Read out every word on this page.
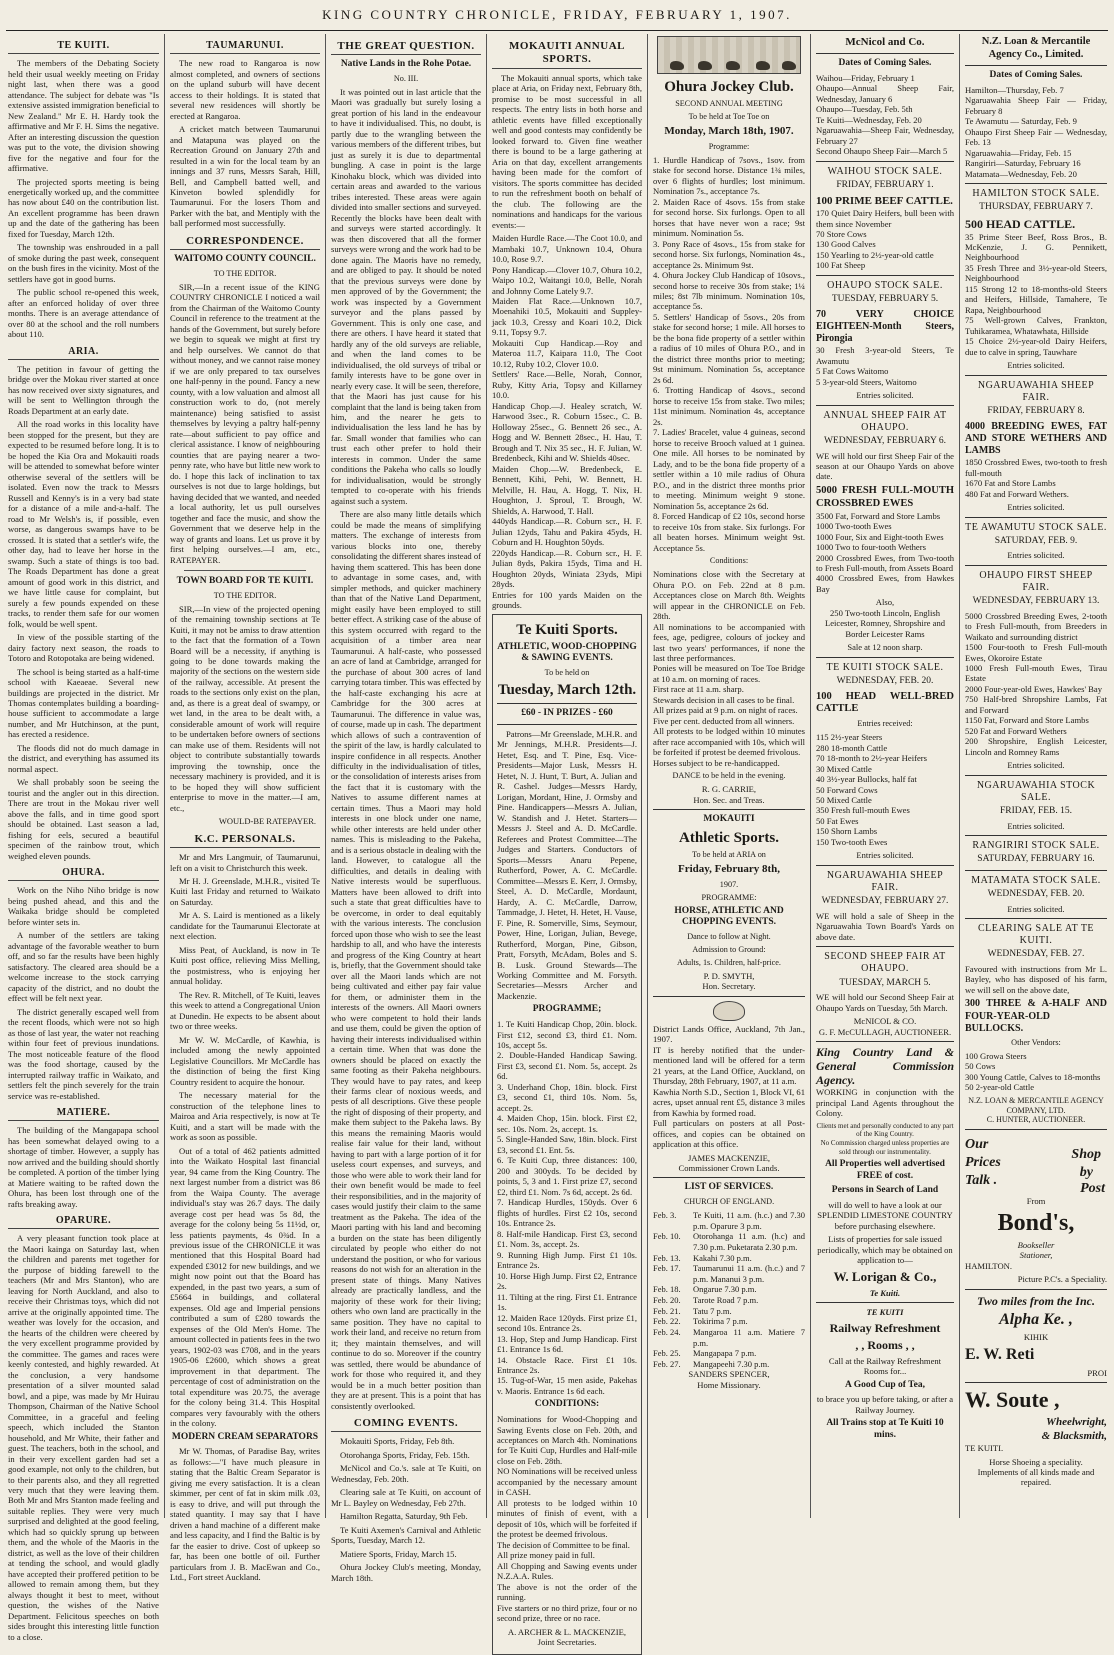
KING COUNTRY CHRONICLE, FRIDAY, FEBRUARY 1, 1907.
TE KUITI.

The members of the Debating Society held their usual weekly meeting on Friday night last, when there was a good attendance. The subject for debate was "Is extensive assisted immigration beneficial to New Zealand." Mr E. H. Hardy took the affirmative and Mr F. H. Sims the negative. After an interesting discussion the question was put to the vote, the division showing five for the negative and four for the affirmative.

The projected sports meeting is being energetically worked up, and the committee has now about £40 on the contribution list. An excellent programme has been drawn up and the date of the gathering has been fixed for Tuesday, March 12th.

The township was enshrouded in a pall of smoke during the past week, consequent on the bush fires in the vicinity. Most of the settlers have got in good burns.

The public school re-opened this week, after an enforced holiday of over three months. There is an average attendance of over 80 at the school and the roll numbers about 110.

ARIA.

The petition in favour of getting the bridge over the Mokau river started at once has now received over sixty signatures, and will be sent to Wellington through the Roads Department at an early date.

All the road works in this locality have been stopped for the present, but they are expected to be resumed before long. It is to be hoped the Kia Ora and Mokauiti roads will be attended to somewhat before winter otherwise several of the settlers will be isolated. Even now the track to Messrs Russell and Kenny's is in a very bad state for a distance of a mile and-a-half. The road to Mr Welsh's is, if possible, even worse, as dangerous swamps have to be crossed. It is stated that a settler's wife, the other day, had to leave her horse in the swamp. Such a state of things is too bad. The Roads Department has done a great amount of good work in this district, and we have little cause for complaint, but surely a few pounds expended on these tracks, to render them safe for our women folk, would be well spent.

In view of the possible starting of the dairy factory next season, the roads to Totoro and Rotopotaka are being widened.

The school is being started as a half-time school with Kaeaeae. Several new buildings are projected in the district. Mr Thomas contemplates building a boarding-house sufficient to accommodate a large number, and Mr Hutchinson, at the punt, has erected a residence.

The floods did not do much damage in the district, and everything has assumed its normal aspect.

We shall probably soon be seeing the tourist and the angler out in this direction. There are trout in the Mokau river well above the falls, and in time good sport should be obtained. Last season a lad, fishing for eels, secured a beautiful specimen of the rainbow trout, which weighed eleven pounds.

OHURA.

Work on the Niho Niho bridge is now being pushed ahead, and this and the Waikaka bridge should be completed before winter sets in.

A number of the settlers are taking advantage of the favorable weather to burn off, and so far the results have been highly satisfactory. The cleared area should be a welcome increase to the stock carrying capacity of the district, and no doubt the effect will be felt next year.

The district generally escaped well from the recent floods, which were not so high as those of last year, the water not reaching within four feet of previous inundations. The most noticeable feature of the flood was the food shortage, caused by the interrupted railway traffic in Waikato, and settlers felt the pinch severely for the train service was re-established.

MATIERE.

The building of the Mangapapa school has been somewhat delayed owing to a shortage of timber. However, a supply has now arrived and the building should shortly be completed. A portion of the timber lying at Matiere waiting to be rafted down the Ohura, has been lost through one of the rafts breaking away.

OPARURE.

A very pleasant function took place at the Maori kainga on Saturday last, when the children and parents met together for the purpose of bidding farewell to the teachers (Mr and Mrs Stanton), who are leaving for North Auckland, and also to receive their Christmas toys, which did not arrive at the originally appointed time. The weather was lovely for the occasion, and the hearts of the children were cheered by the very excellent programme provided by the committee. The games and races were keenly contested, and highly rewarded. At the conclusion, a very handsome presentation of a silver mounted salad bowl, and a pipe, was made by Mr Huirau Thompson, Chairman of the Native School Committee, in a graceful and feeling speech, which included the Stanton household, and Mr White, their father and guest. The teachers, both in the school, and in their very excellent garden had set a good example, not only to the children, but to their parents also, and they all regretted very much that they were leaving them. Both Mr and Mrs Stanton made feeling and suitable replies. They were very much surprised and delighted at the good feeling, which had so quickly sprung up between them, and the whole of the Maoris in the district, as well as the love of their children at tending the school, and would gladly have accepted their proffered petition to be allowed to remain among them, but they always thought it best to meet, without question, the wishes of the Native Department. Felicitous speeches on both sides brought this interesting little function to a close.

TAUMARUNUI.

The new road to Rangaroa is now almost completed, and owners of sections on the upland suburb will have decent access to their holdings. It is stated that several new residences will shortly be erected at Rangaroa.

A cricket match between Taumarunui and Matapuna was played on the Recreation Ground on January 27th and resulted in a win for the local team by an innings and 37 runs, Messrs Sarah, Hill, Bell, and Campbell batted well, and Kinveton bowled splendidly for Taumarunui. For the losers Thom and Parker with the bat, and Mentiply with the ball performed most successfully.

CORRESPONDENCE.
WAITOMO COUNTY COUNCIL.
TO THE EDITOR.

SIR,—In a recent issue of the KING COUNTRY CHRONICLE I noticed a wail from the Chairman of the Waitomo County Council in reference to the treatment at the hands of the Government, but surely before we begin to squeak we might at first try and help ourselves. We cannot do that without money, and we cannot raise money if we are only prepared to tax ourselves one half-penny in the pound. Fancy a new county, with a low valuation and almost all construction work to do, (not merely maintenance) being satisfied to assist themselves by levying a paltry half-penny rate—about sufficient to pay office and clerical assistance. I know of neighbouring counties that are paying nearer a two-penny rate, who have but little new work to do. I hope this lack of inclination to tax ourselves is not due to large holdings, but having decided that we wanted, and needed a local authority, let us pull ourselves together and face the music, and show the Government that we deserve help in the way of grants and loans. Let us prove it by first helping ourselves.—I am, etc., RATEPAYER.

TOWN BOARD FOR TE KUITI.
TO THE EDITOR.

SIR,—In view of the projected opening of the remaining township sections at Te Kuiti, it may not be amiss to draw attention to the fact that the formation of a Town Board will be a necessity, if anything is going to be done towards making the majority of the sections on the western side of the railway, accessible. At present the roads to the sections only exist on the plan, and, as there is a great deal of swampy, or wet land, in the area to be dealt with, a considerable amount of work will require to be undertaken before owners of sections can make use of them. Residents will not object to contribute substantially towards improving the township, once the necessary machinery is provided, and it is to be hoped they will show sufficient enterprise to move in the matter.—I am, etc.,

WOULD-BE RATEPAYER.
K.C. PERSONALS.

Mr and Mrs Langmuir, of Taumarunui, left on a visit to Christchurch this week.

Mr H. J. Greenslade, M.H.R., visited Te Kuiti last Friday and returned to Waikato on Saturday.

Mr A. S. Laird is mentioned as a likely candidate for the Taumarunui Electorate at next election.

Miss Peat, of Auckland, is now in Te Kuiti post office, relieving Miss Melling, the postmistress, who is enjoying her annual holiday.

The Rev. R. Mitchell, of Te Kuiti, leaves this week to attend a Congregational Union at Dunedin. He expects to be absent about two or three weeks.

Mr W. W. McCardle, of Kawhia, is included among the newly appointed Legislative Councillors. Mr McCardle has the distinction of being the first King Country resident to acquire the honour.

The necessary material for the construction of the telephone lines to Mairoa and Aria respectively, is now at Te Kuiti, and a start will be made with the work as soon as possible.

Out of a total of 462 patients admitted into the Waikato Hospital last financial year, 94 came from the King Country. The next largest number from a district was 86 from the Waipa County. The average individual's stay was 26.7 days. The daily average cost per head was 5s 8d, the average for the colony being 5s 11½d, or, less patients payments, 4s 0¾d. In a previous issue of the CHRONICLE it was mentioned that this Hospital Board had expended £3012 for new buildings, and we might now point out that the Board has expended, in the past two years, a sum of £5664 in buildings, and collateral expenses. Old age and Imperial pensions contributed a sum of £280 towards the expenses of the Old Men's Home. The amount collected in patients fees in the two years, 1902-03 was £708, and in the years 1905-06 £2600, which shows a great improvement in that department. The percentage of cost of administration on the total expenditure was 20.75, the average for the colony being 31.4. This Hospital compares very favourably with the others in the colony.

MODERN CREAM SEPARATORS

Mr W. Thomas, of Paradise Bay, writes as follows:—"I have much pleasure in stating that the Baltic Cream Separator is giving me every satisfaction. It is a clean skimmer, per cent of fat in skim milk .03, is easy to drive, and will put through the stated quantity. I may say that I have driven a hand machine of a different make and less capacity, and I find the Baltic is by far the easier to drive. Cost of upkeep so far, has been one bottle of oil. Further particulars from J. B. MacEwan and Co., Ltd., Fort street Auckland.

THE GREAT QUESTION.
Native Lands in the Rohe Potae.
No. III.

It was pointed out in last article that the Maori was gradually but surely losing a great portion of his land in the endeavour to have it individualised. This, no doubt, is partly due to the wrangling between the various members of the different tribes, but just as surely it is due to departmental bungling. A case in point is the large Kinohaku block, which was divided into certain areas and awarded to the various tribes interested. These areas were again divided into smaller sections and surveyed. Recently the blocks have been dealt with and surveys were started accordingly. It was then discovered that all the former surveys were wrong and the work had to be done again. The Maoris have no remedy, and are obliged to pay. It should be noted that the previous surveys were done by men approved of by the Government; the work was inspected by a Government surveyor and the plans passed by Government. This is only one case, and there are others. I have heard it stated that hardly any of the old surveys are reliable, and when the land comes to be individualised, the old surveys of tribal or family interests have to be gone over in nearly every case. It will be seen, therefore, that the Maori has just cause for his complaint that the land is being taken from him, and the nearer he gets to individualisation the less land he has by far. Small wonder that families who can trust each other prefer to hold their interests in common. Under the same conditions the Pakeha who calls so loudly for individualisation, would be strongly tempted to co-operate with his friends against such a system.

There are also many little details which could be made the means of simplifying matters. The exchange of interests from various blocks into one, thereby consolidating the different shares instead of having them scattered. This has been done to advantage in some cases, and, with simpler methods, and quicker machinery than that of the Native Land Department, might easily have been employed to still better effect. A striking case of the abuse of this system occurred with regard to the acquisition of a timber area near Taumarunui. A half-caste, who possessed an acre of land at Cambridge, arranged for the purchase of about 300 acres of land carrying totara timber. This was effected by the half-caste exchanging his acre at Cambridge for the 300 acres at Taumarunui. The difference in value was, of course, made up in cash. The department which allows of such a contravention of the spirit of the law, is hardly calculated to inspire confidence in all respects. Another difficulty in the individualisation of titles, or the consolidation of interests arises from the fact that it is customary with the Natives to assume different names at certain times. Thus a Maori may hold interests in one block under one name, while other interests are held under other names. This is misleading to the Pakeha, and is a serious obstacle in dealing with the land. However, to catalogue all the difficulties, and details in dealing with Native interests would be superfluous. Matters have been allowed to drift into such a state that great difficulties have to be overcome, in order to deal equitably with the various interests. The conclusion forced upon those who wish to see the least hardship to all, and who have the interests and progress of the King Country at heart is, briefly, that the Government should take over all the Maori lands which are not being cultivated and either pay fair value for them, or administer them in the interests of the owners. All Maori owners who were competent to hold their lands and use them, could be given the option of having their interests individualised within a certain time. When that was done the owners should be placed on exactly the same footing as their Pakeha neighbours. They would have to pay rates, and keep their farms clear of noxious weeds, and pests of all descriptions. Give these people the right of disposing of their property, and make them subject to the Pakeha laws. By this means the remaining Maoris would realise fair value for their land, without having to part with a large portion of it for useless court expenses, and surveys, and those who were able to work their land for their own benefit would be made to feel their responsibilities, and in the majority of cases would justify their claim to the same treatment as the Pakeha. The idea of the Maori parting with his land and becoming a burden on the state has been diligently circulated by people who either do not understand the position, or who for various reasons do not wish for an alteration in the present state of things. Many Natives already are practically landless, and the majority of these work for their living; others who own land are practically in the same position. They have no capital to work their land, and receive no return from it; they maintain themselves, and will continue to do so. Moreover if the country was settled, there would be abundance of work for those who required it, and they would be in a much better position than they are at present. This is a point that has consistently overlooked.

COMING EVENTS.

Mokauiti Sports, Friday, Feb 8th.

Otorohanga Sports, Friday, Feb. 15th.

McNicol and Co.'s. sale at Te Kuiti, on Wednesday, Feb. 20th.

Clearing sale at Te Kuiti, on account of Mr L. Bayley on Wednesday, Feb 27th.

Hamilton Regatta, Saturday, 9th Feb.

Te Kuiti Axemen's Carnival and Athletic Sports, Tuesday, March 12.

Matiere Sports, Friday, March 15.

Ohura Jockey Club's meeting, Monday, March 18th.

MOKAUITI ANNUAL SPORTS.

The Mokauiti annual sports, which take place at Aria, on Friday next, February 8th, promise to be most successful in all respects. The entry lists in both horse and athletic events have filled exceptionally well and good contests may confidently be looked forward to. Given fine weather there is bound to be a large gathering at Aria on that day, excellent arrangements having been made for the comfort of visitors. The sports committee has decided to run the refreshment booth on behalf of the club. The following are the nominations and handicaps for the various events:—

Maiden Hurdle Race.—The Coot 10.0, and Mambaki 10.7, Unknown 10.4, Ohura 10.0, Rose 9.7.
Pony Handicap.—Clover 10.7, Ohura 10.2, Waipo 10.2, Waitangi 10.0, Belle, Norah and Johnny Come Lately 9.7.
Maiden Flat Race.—Unknown 10.7, Moenahiki 10.5, Mokauiti and Suppley-jack 10.3, Cressy and Koari 10.2, Dick 9.11, Topsy 9.7.
Mokauiti Cup Handicap.—Roy and Materoa 11.7, Kaipara 11.0, The Coot 10.12, Ruby 10.2, Clover 10.0.
Settlers' Race.—Belle, Norah, Connor, Ruby, Kitty Aria, Topsy and Killarney 10.0.
Handicap Chop.—J. Healey scratch, W. Harwood 3sec., R. Coburn 15sec., C. B. Holloway 25sec., G. Bennett 26 sec., A. Hogg and W. Bennett 28sec., H. Hau, T. Brough and T. Nix 35 sec., H. F. Julian, W. Bredenbeck, Kihi and W. Shields 40sec.
Maiden Chop.—W. Bredenbeck, E. Bennett, Kihi, Pehi, W. Bennett, H. Melville, H. Hau, A. Hogg, T. Nix, H. Houghton, J. Sproul, T. Brough, W. Shields, A. Harwood, T. Hall.
440yds Handicap.—R. Coburn scr., H. F. Julian 12yds, Tahu and Pakira 45yds, H. Coburn and H. Houghton 50yds.
220yds Handicap.—R. Coburn scr., H. F. Julian 8yds, Pakira 15yds, Tima and H. Houghton 20yds, Winiata 23yds, Mipi 28yds.
Entries for 100 yards Maiden on the grounds.

Te Kuiti Sports.
ATHLETIC, WOOD-CHOPPING & SAWING EVENTS.
To be held on
Tuesday, March 12th.
£60 - IN PRIZES - £60

Patrons—Mr Greenslade, M.H.R. and Mr Jennings, M.H.R. Presidents—J. Hetet, Esq. and T. Pine, Esq. Vice-Presidents—Major Lusk, Messrs H. Hetet, N. J. Hunt, T. Burt, A. Julian and R. Cashel. Judges—Messrs Hardy, Lorigan, Mordant, Hine, J. Ormsby and Pine. Handicappers—Messrs A. Julian, W. Standish and J. Hetet. Starters—Messrs J. Steel and A. D. McCardle. Referees and Protest Committee—The Judges and Starters. Conductors of Sports—Messrs Anaru Pepene, Rutherford, Power, A. C. McCardle. Committee—Messrs E. Kerr, J. Ormsby, Steel, A. D. McCardle, Mordaunt, Hardy, A. C. McCardle, Darrow, Tammadge, J. Hetet, H. Hetet, H. Vause, F. Pine, R. Somerville, Sims, Seymour, Power, Hine, Lorigan, Julian, Bevege, Rutherford, Morgan, Pine, Gibson, Pratt, Forsyth, McAdam, Boles and S. B. Lusk. Ground Stewards—The Working Committee and M. Forsyth. Secretaries—Messrs Archer and Mackenzie.

PROGRAMME;

1. Te Kuiti Handicap Chop, 20in. block. First £12, second £3, third £1. Nom. 10s, accept 5s.
2. Double-Handed Handicap Sawing. First £3, second £1. Nom. 5s, accept. 2s 6d.
3. Underhand Chop, 18in. block. First £3, second £1, third 10s. Nom. 5s, accept. 2s.
4. Maiden Chop, 15in. block. First £2, sec. 10s. Nom. 2s, accept. 1s.
5. Single-Handed Saw, 18in. block. First £3, second £1. Ent. 5s.
6. Te Kuiti Cup, three distances: 100, 200 and 300yds. To be decided by points, 5, 3 and 1. First prize £7, second £2, third £1. Nom. 7s 6d, accept. 2s 6d.
7. Handicap Hurdles, 150yds. Over 6 flights of hurdles. First £2 10s, second 10s. Entrance 2s.
8. Half-mile Handicap. First £3, second £1. Nom. 3s, accept. 2s.
9. Running High Jump. First £1 10s. Entrance 2s.
10. Horse High Jump. First £2, Entrance 2s.
11. Tilting at the ring. First £1. Entrance 1s.
12. Maiden Race 120yds. First prize £1, second 10s. Entrance 2s.
13. Hop, Step and Jump Handicap. First £1. Entrance 1s 6d.
14. Obstacle Race. First £1 10s. Entrance 2s.
15. Tug-of-War, 15 men aside, Pakehas v. Maoris. Entrance 1s 6d each.

CONDITIONS:

Nominations for Wood-Chopping and Sawing Events close on Feb. 20th, and acceptances on March 4th. Nominations for Te Kuiti Cup, Hurdles and Half-mile close on Feb. 28th.
NO Nominations will be received unless accompanied by the necessary amount in CASH.
All protests to be lodged within 10 minutes of finish of event, with a deposit of 10s, which will be forfeited if the protest be deemed frivolous.
The decision of Committee to be final.
All prize money paid in full.
All Chopping and Sawing events under N.Z.A.A. Rules.
The above is not the order of the running.
Five starters or no third prize, four or no second prize, three or no race.

A. ARCHER & L. MACKENZIE,
Joint Secretaries.
Ohura Jockey Club.
SECOND ANNUAL MEETING
To be held at Toe Toe on
Monday, March 18th, 1907.
Programme:

1. Hurdle Handicap of 7sovs., 1sov. from stake for second horse. Distance 1¾ miles, over 6 flights of hurdles; lost minimum. Nomination 7s., acceptance 7s.
2. Maiden Race of 4sovs. 15s from stake for second horse. Six furlongs. Open to all horses that have never won a race; 9st minimum. Nomination 5s.
3. Pony Race of 4sovs., 15s from stake for second horse. Six furlongs, Nomination 4s., acceptance 2s. Minimum 9st.
4. Ohura Jockey Club Handicap of 10sovs., second horse to receive 30s from stake; 1¼ miles; 8st 7lb minimum. Nomination 10s, acceptance 5s.
5. Settlers' Handicap of 5sovs., 20s from stake for second horse; 1 mile. All horses to be the bona fide property of a settler within a radius of 10 miles of Ohura P.O., and in the district three months prior to meeting; 9st minimum. Nomination 5s, acceptance 2s 6d.
6. Trotting Handicap of 4sovs., second horse to receive 15s from stake. Two miles; 11st minimum. Nomination 4s, acceptance 2s.
7. Ladies' Bracelet, value 4 guineas, second horse to receive Brooch valued at 1 guinea. One mile. All horses to be nominated by Lady, and to be the bona fide property of a settler within a 10 mile radius of Ohura P.O., and in the district three months prior to meeting. Minimum weight 9 stone. Nomination 5s, acceptance 2s 6d.
8. Forced Handicap of £2 10s, second horse to receive 10s from stake. Six furlongs. For all beaten horses. Minimum weight 9st. Acceptance 5s.

Conditions:

Nominations close with the Secretary at Ohura P.O. on Feb. 22nd at 8 p.m. Acceptances close on March 8th. Weights will appear in the CHRONICLE on Feb. 28th.
All nominations to be accompanied with fees, age, pedigree, colours of jockey and last two years' performances, if none the last three performances.
Ponies will be measured on Toe Toe Bridge at 10 a.m. on morning of races.
First race at 11 a.m. sharp.
Stewards decision in all cases to be final.
All prizes paid at 9 p.m. on night of races.
Five per cent. deducted from all winners.
All protests to be lodged within 10 minutes after race accompanied with 10s, which will be forfeited if protest be deemed frivolous.
Horses subject to be re-handicapped.

DANCE to be held in the evening.
R. G. CARRIE,
Hon. Sec. and Treas.
MOKAUITI
Athletic Sports.
To be held at ARIA on
Friday, February 8th,
1907.
PROGRAMME:
HORSE, ATHLETIC AND CHOPPING EVENTS.
Dance to follow at Night.
Admission to Ground:
Adults, 1s. Children, half-price.
P. D. SMYTH,
Hon. Secretary.

District Lands Office, Auckland, 7th Jan., 1907.
IT is hereby notified that the under-mentioned land will be offered for a term 21 years, at the Land Office, Auckland, on Thursday, 28th February, 1907, at 11 a.m.
Kawhia North S.D., Section 1, Block VI, 61 acres, upset annual rent £5, distance 3 miles from Kawhia by formed road.
Full particulars on posters at all Post-offices, and copies can be obtained on application at this office.

JAMES MACKENZIE,
Commissioner Crown Lands.
LIST OF SERVICES.
CHURCH OF ENGLAND.
Feb. 3.	Te Kuiti, 11 a.m. (h.c.) and 7.30 p.m. Oparure 3 p.m.
Feb. 10.	Otorohanga 11 a.m. (h.c) and 7.30 p.m. Puketarata 2.30 p.m.
Feb. 13.	Kakahi 7.30 p.m.
Feb. 17.	Taumarunui 11 a.m. (h.c.) and 7 p.m. Mananui 3 p.m.
Feb. 18.	Ongarue 7.30 p.m.
Feb. 20.	Tarote Road 7 p.m.
Feb. 21.	Tatu 7 p.m.
Feb. 22.	Tokirima 7 p.m.
Feb. 24.	Mangaroa 11 a.m. Matiere 7 p.m.
Feb. 25.	Mangapapa 7 p.m.
Feb. 27.	Mangapeehi 7.30 p.m.
SANDERS SPENCER,
Home Missionary.
McNicol and Co.
Dates of Coming Sales.

Waihou—Friday, February 1
Ohaupo—Annual Sheep Fair, Wednesday, January 6
Ohaupo—Tuesday, Feb. 5th
Te Kuiti—Wednesday, Feb. 20
Ngaruawahia—Sheep Fair, Wednesday, February 27
Second Ohaupo Sheep Fair—March 5

WAIHOU STOCK SALE.
FRIDAY, FEBRUARY 1.
100 PRIME BEEF CATTLE.

170 Quiet Dairy Heifers, bull been with them since November
70 Store Cows
130 Good Calves
150 Yearling to 2½-year-old cattle
100 Fat Sheep

OHAUPO STOCK SALE.
TUESDAY, FEBRUARY 5.
70 VERY CHOICE EIGHTEEN-Month Steers, Pirongia

30 Fresh 3-year-old Steers, Te Awamutu
5 Fat Cows Waitomo
5 3-year-old Steers, Waitomo

Entries solicited.
ANNUAL SHEEP FAIR AT OHAUPO.
WEDNESDAY, FEBRUARY 6.

WE will hold our first Sheep Fair of the season at our Ohaupo Yards on above date.

5000 FRESH FULL-MOUTH CROSSBRED EWES

3500 Fat, Forward and Store Lambs
1000 Two-tooth Ewes
1000 Four, Six and Eight-tooth Ewes
1000 Two to four-tooth Wethers
2000 Crossbred Ewes, from Two-tooth to Fresh Full-mouth, from Assets Board
4000 Crossbred Ewes, from Hawkes Bay

Also,
250 Two-tooth Lincoln, English Leicester, Romney, Shropshire and Border Leicester Rams

Sale at 12 noon sharp.
TE KUITI STOCK SALE.
WEDNESDAY, FEB. 20.
100 HEAD WELL-BRED CATTLE
Entries received:

115 2½-year Steers
280 18-month Cattle
70 18-month to 2½-year Heifers
30 Mixed Cattle
40 3½-year Bullocks, half fat
50 Forward Cows
50 Mixed Cattle
350 Fresh full-mouth Ewes
50 Fat Ewes
150 Shorn Lambs
150 Two-tooth Ewes

Entries solicited.
NGARUAWAHIA SHEEP FAIR.
WEDNESDAY, FEBRUARY 27.

WE will hold a sale of Sheep in the Ngaruawahia Town Board's Yards on above date.

SECOND SHEEP FAIR AT OHAUPO.
TUESDAY, MARCH 5.

WE will hold our Second Sheep Fair at Ohaupo Yards on Tuesday, 5th March.

McNICOL & CO.
G. F. McCULLAGH, AUCTIONEER.
King Country Land & General Commission Agency.

WORKING in conjunction with the principal Land Agents throughout the Colony.

Clients met and personally conducted to any part of the King Country.
No Commission charged unless properties are sold through our instrumentality.

All Properties well advertised FREE of cost.
Persons in Search of Land

will do well to have a look at our SPLENDID LIMESTONE COUNTRY before purchasing elsewhere.

Lists of properties for sale issued periodically, which may be obtained on application to—

W. Lorigan & Co.,
Te Kuiti.
TE KUITI
Railway Refreshment
, , Rooms , ,

Call at the Railway Refreshment Rooms for...

A Good Cup of Tea,

to brace you up before taking, or after a Railway Journey.

All Trains stop at Te Kuiti 10 mins.
N.Z. Loan & Mercantile Agency Co., Limited.
Dates of Coming Sales.

Hamilton—Thursday, Feb. 7
Ngaruawahia Sheep Fair — Friday, February 8
Te Awamutu — Saturday, Feb. 9
Ohaupo First Sheep Fair — Wednesday, Feb. 13
Ngaruawahia—Friday, Feb. 15
Rangiriri—Saturday, February 16
Matamata—Wednesday, Feb. 20

HAMILTON STOCK SALE.
THURSDAY, FEBRUARY 7.
500 HEAD CATTLE.

35 Prime Steer Beef, Ross Bros., B. McKenzie, J. G. Pennikett, Neighbourhood
35 Fresh Three and 3½-year-old Steers, Neighbourhood
115 Strong 12 to 18-months-old Steers and Heifers, Hillside, Tamahere, Te Rapa, Neighbourhood
75 Well-grown Calves, Frankton, Tuhikaramea, Whatawhata, Hillside
15 Choice 2½-year-old Dairy Heifers, due to calve in spring, Tauwhare

Entries solicited.
NGARUAWAHIA SHEEP FAIR.
FRIDAY, FEBRUARY 8.
4000 BREEDING EWES, FAT AND STORE WETHERS AND LAMBS

1850 Crossbred Ewes, two-tooth to fresh full-mouth
1670 Fat and Store Lambs
480 Fat and Forward Wethers.

Entries solicited.
TE AWAMUTU STOCK SALE.
SATURDAY, FEB. 9.
Entries solicited.
OHAUPO FIRST SHEEP FAIR.
WEDNESDAY, FEBRUARY 13.

5000 Crossbred Breeding Ewes, 2-tooth to Fresh Full-mouth, from Breeders in Waikato and surrounding district
1500 Four-tooth to Fresh Full-mouth Ewes, Okoroire Estate
1000 Fresh Full-mouth Ewes, Tirau Estate
2000 Four-year-old Ewes, Hawkes' Bay
750 Half-bred Shropshire Lambs, Fat and Forward
1150 Fat, Forward and Store Lambs
520 Fat and Forward Wethers
200 Shropshire, English Leicester, Lincoln and Romney Rams

Entries solicited.
NGARUAWAHIA STOCK SALE.
FRIDAY, FEB. 15.
Entries solicited.
RANGIRIRI STOCK SALE.
SATURDAY, FEBRUARY 16.
MATAMATA STOCK SALE.
WEDNESDAY, FEB. 20.
Entries solicited.
CLEARING SALE AT TE KUITI.
WEDNESDAY, FEB. 27.

Favoured with instructions from Mr L. Bayley, who has disposed of his farm, we will sell on the above date,

300 THREE & A-HALF AND FOUR-YEAR-OLD BULLOCKS.
Other Vendors:

100 Growa Steers
50 Cows
300 Young Cattle, Calves to 18-months
50 2-year-old Cattle

N.Z. LOAN & MERCANTILE AGENCY COMPANY, LTD.
C. HUNTER, AUCTIONEER.
Our
Prices
Talk .
Shop
by
Post
From
Bond's,
Bookseller
Stationer,
HAMILTON.
Picture P.C's. a Speciality.
Two miles from the Inc.
Alpha Ke. ,
KIHIK
E. W. Reti
PROI
W. Soute ,
Wheelwright,
& Blacksmith,
TE KUITI.
Horse Shoeing a speciality.
Implements of all kinds made and repaired.
